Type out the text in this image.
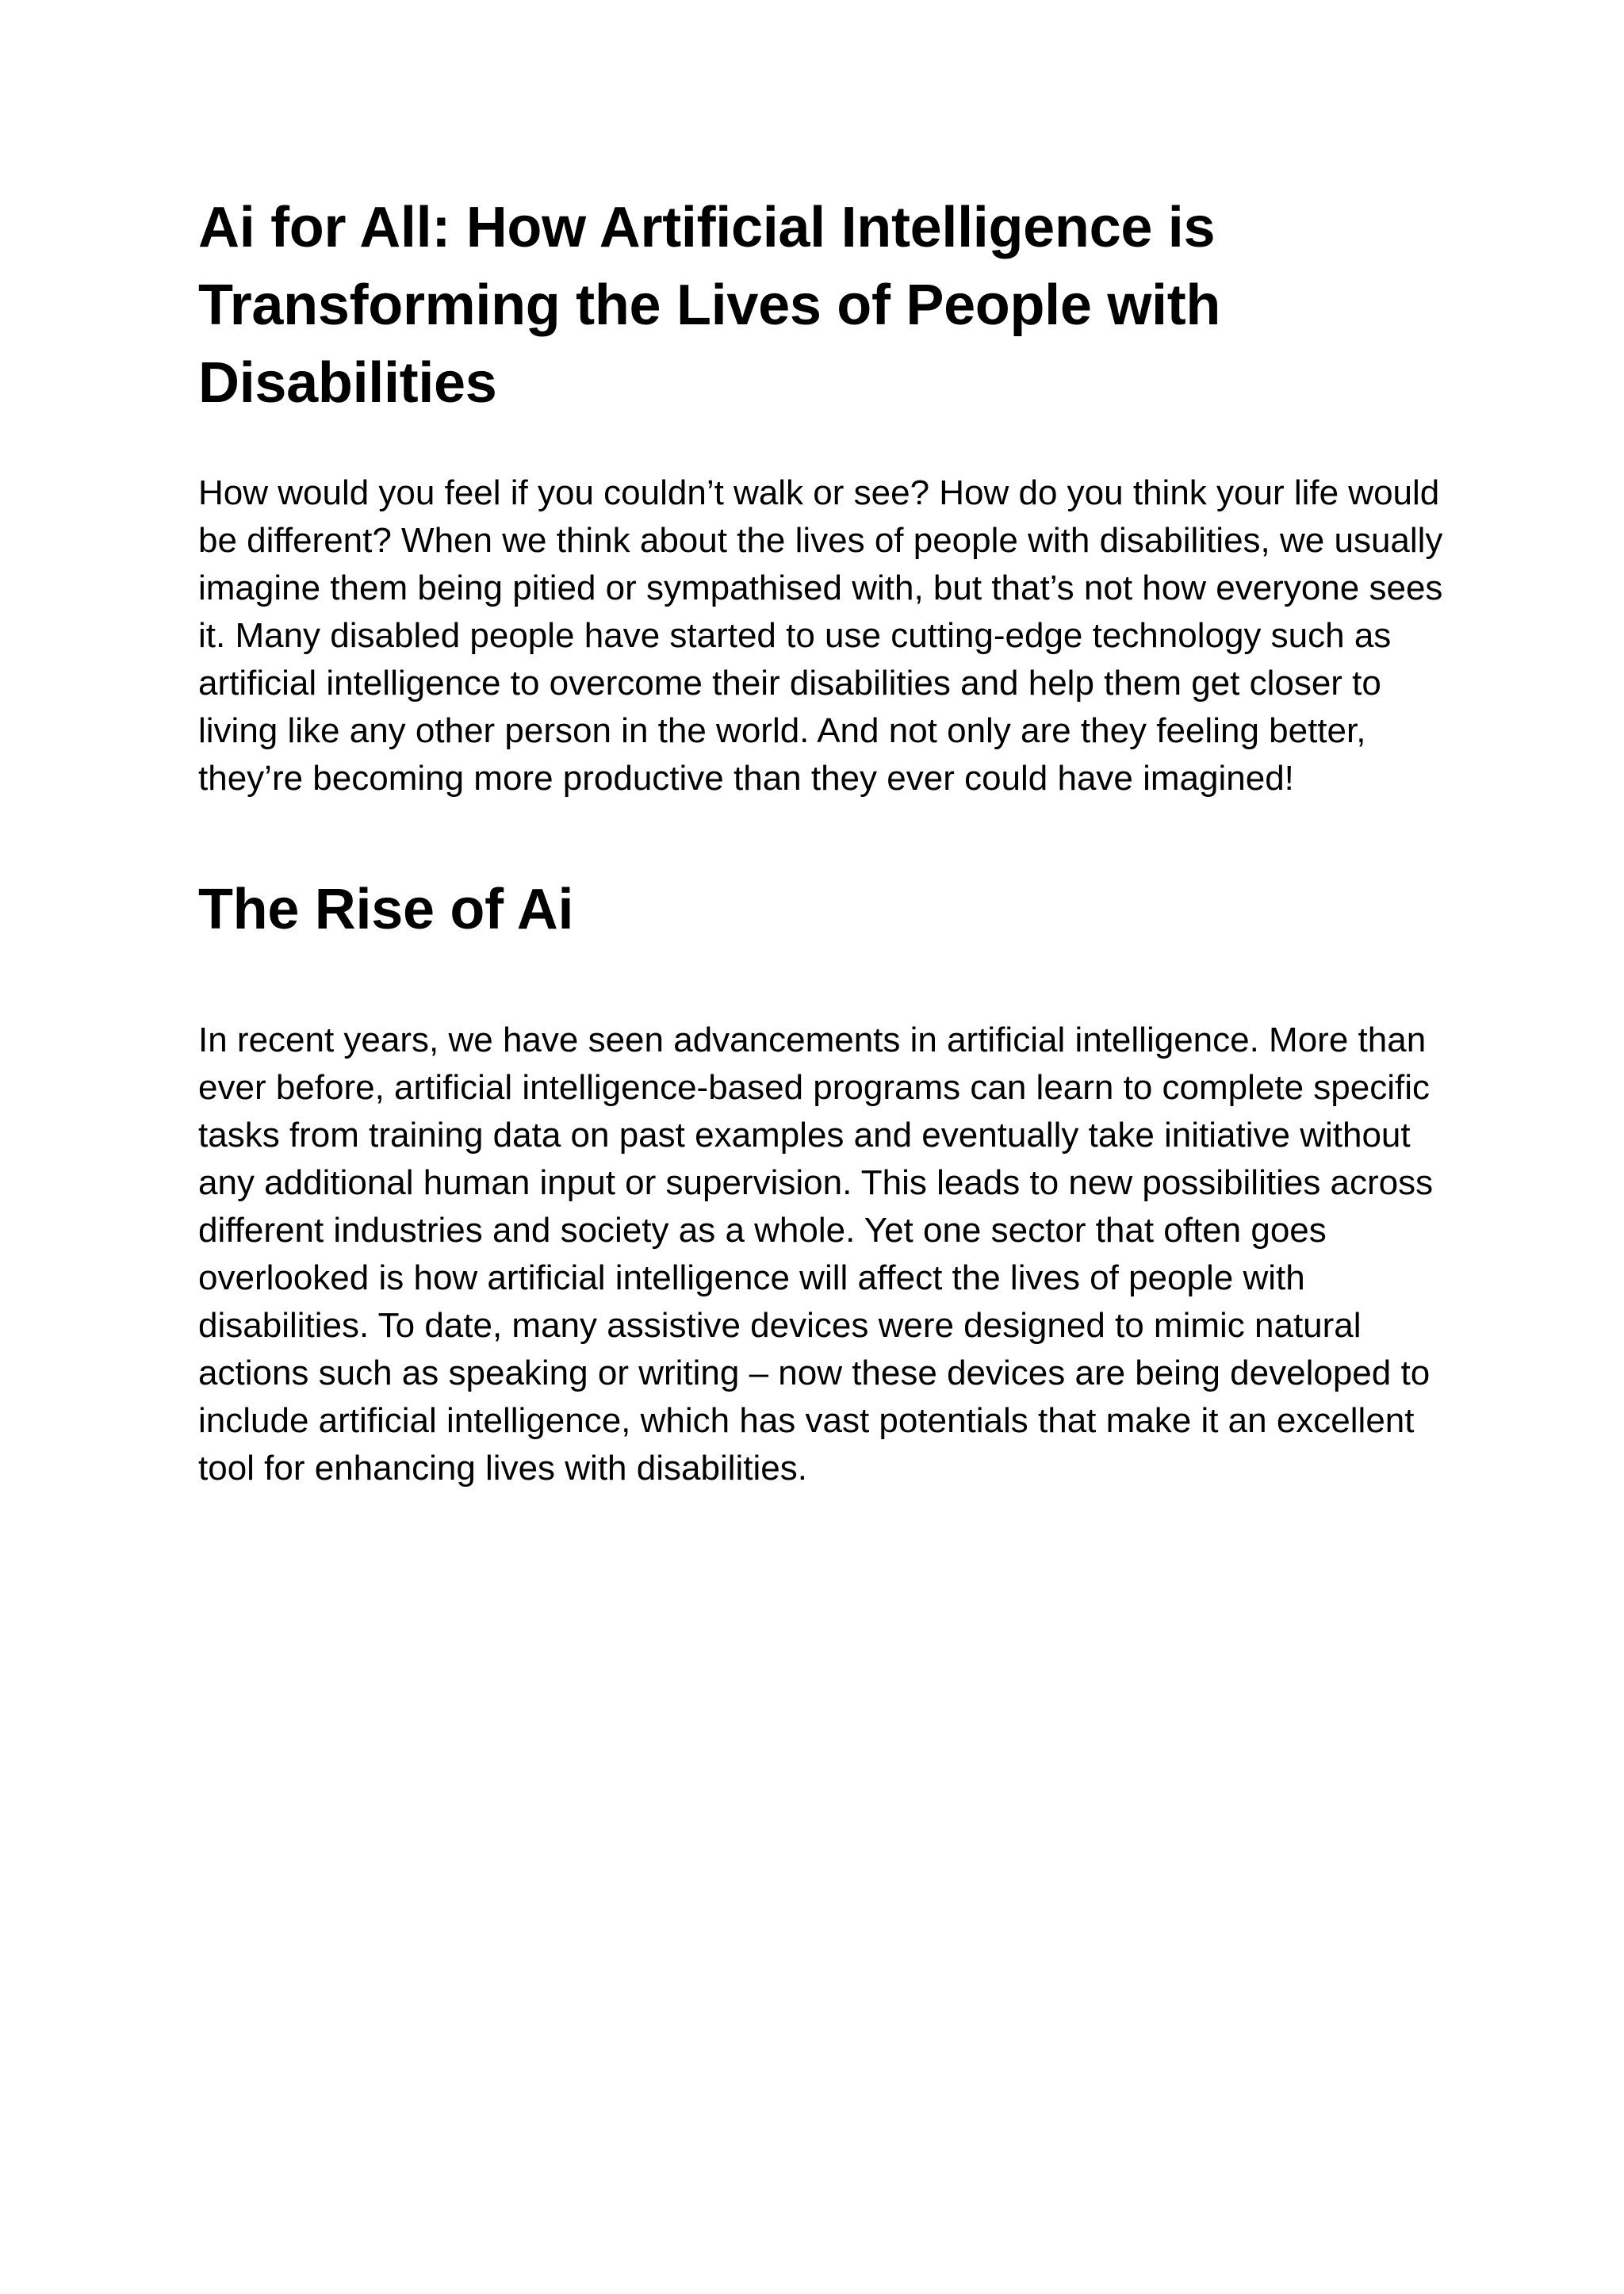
Ai for All: How Artificial Intelligence is Transforming the Lives of People with Disabilities

How would you feel if you couldn’t walk or see? How do you think your life would be different? When we think about the lives of people with disabilities, we usually imagine them being pitied or sympathised with, but that’s not how everyone sees it. Many disabled people have started to use cutting-edge technology such as artificial intelligence to overcome their disabilities and help them get closer to living like any other person in the world. And not only are they feeling better, they’re becoming more productive than they ever could have imagined!

The Rise of Ai

In recent years, we have seen advancements in artificial intelligence. More than ever before, artificial intelligence-based programs can learn to complete specific tasks from training data on past examples and eventually take initiative without any additional human input or supervision. This leads to new possibilities across different industries and society as a whole. Yet one sector that often goes overlooked is how artificial intelligence will affect the lives of people with disabilities. To date, many assistive devices were designed to mimic natural actions such as speaking or writing – now these devices are being developed to include artificial intelligence, which has vast potentials that make it an excellent tool for enhancing lives with disabilities.
